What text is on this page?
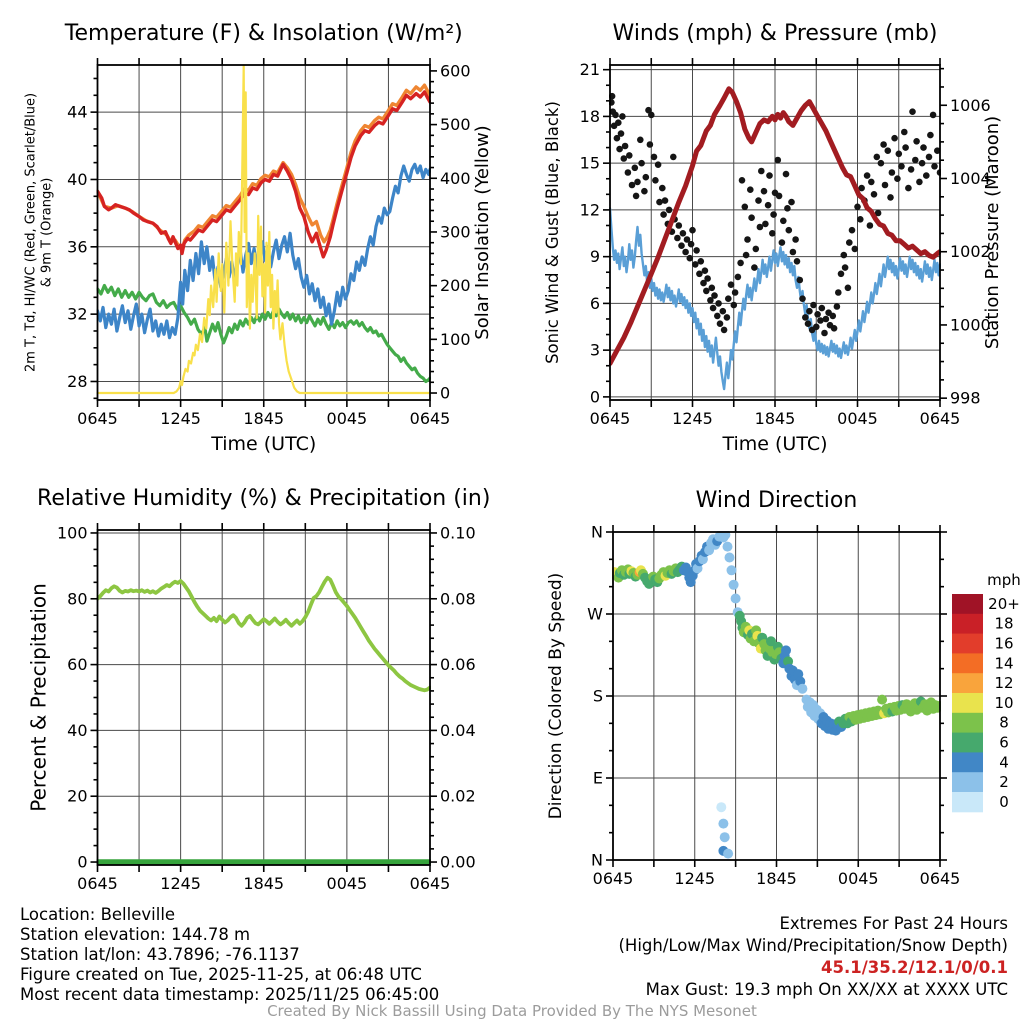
0645	1245	1845	0045	0645
28
32
36
40
44
0
100
200
300
400
500
600
Temperature (F) & Insolation (W/m²)
Time (UTC)
2m T, Td, HI/WC (Red, Green, Scarlet/Blue) & 9m T (Orange)	Solar Insolation (Yellow)
0645	1245	1845	0045	0645
0
3
6
9
12
15
18
21
998
1000
1002
1004
1006
Winds (mph) & Pressure (mb)
Time (UTC)
Sonic Wind & Gust (Blue, Black)	Station Pressure (Maroon)
0645	1245	1845	0045	0645
0
20
40
60
80
100
0.00
0.02
0.04
0.06
0.08
0.10
Relative Humidity (%) & Precipitation (in)
Percent & Precipitation
0645	1245	1845	0045	0645
N
E
S
W
N
Wind Direction
Direction (Colored By Speed)	mph
20+
18
16
14
12
10
8
6
4
2
0
Location: Belleville
Station elevation: 144.78 m
Station lat/lon: 43.7896; -76.1137
Figure created on Tue, 2025-11-25, at 06:48 UTC
Most recent data timestamp: 2025/11/25 06:45:00
Extremes For Past 24 Hours
(High/Low/Max Wind/Precipitation/Snow Depth)
45.1/35.2/12.1/0/0.1
Max Gust: 19.3 mph On XX/XX at XXXX UTC
Created By Nick Bassill Using Data Provided By The NYS Mesonet
